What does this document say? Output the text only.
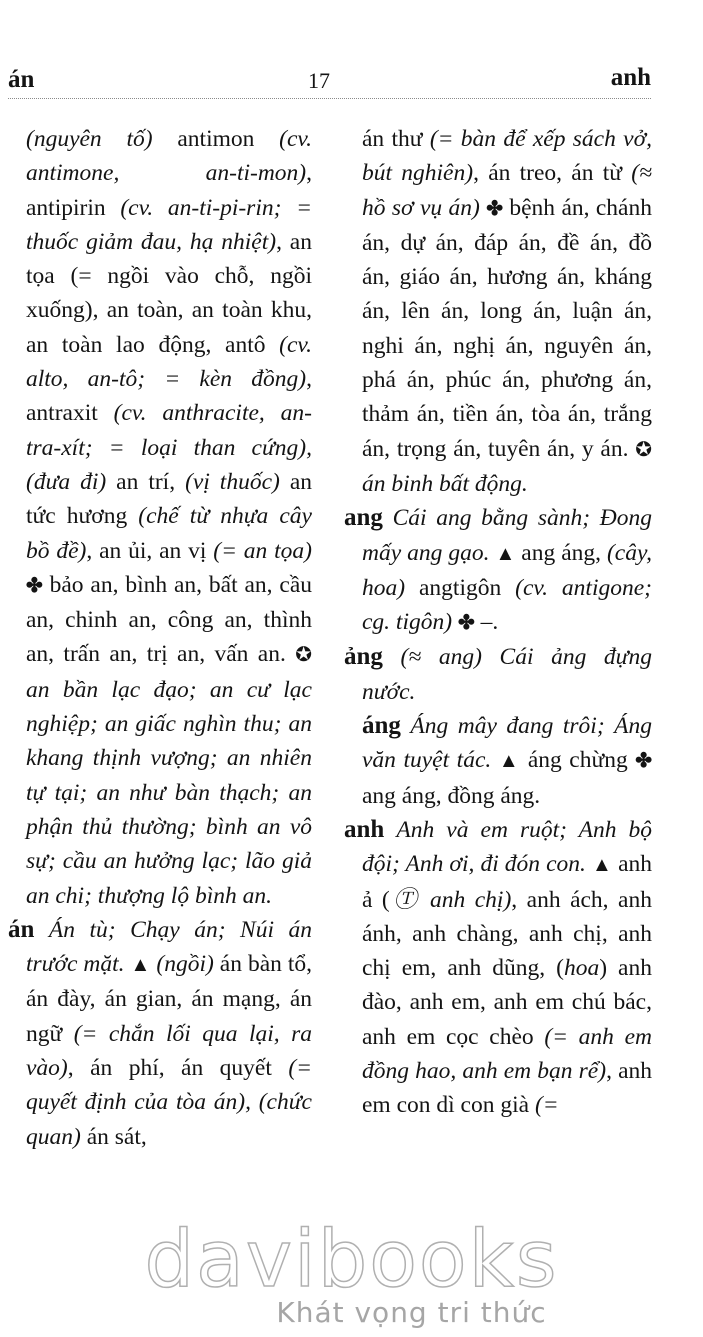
án	17	anh

(nguyên tố) antimon (cv. antimone, an-ti-mon), antipirin (cv. an-ti-pi-rin; = thuốc giảm đau, hạ nhiệt), an tọa (= ngồi vào chỗ, ngồi xuống), an toàn, an toàn khu, an toàn lao động, antô (cv. alto, an-tô; = kèn đồng), antraxit (cv. anthracite, an-tra-xít; = loại than cứng), (đưa đi) an trí, (vị thuốc) an tức hương (chế từ nhựa cây bồ đề), an ủi, an vị (= an tọa) ✤ bảo an, bình an, bất an, cầu an, chinh an, công an, thình an, trấn an, trị an, vấn an. ✪ an bần lạc đạo; an cư lạc nghiệp; an giấc nghìn thu; an khang thịnh vượng; an nhiên tự tại; an như bàn thạch; an phận thủ thường; bình an vô sự; cầu an hưởng lạc; lão giả an chi; thượng lộ bình an.

án Án tù; Chạy án; Núi án trước mặt. ▲ (ngồi) án bàn tổ, án đày, án gian, án mạng, án ngữ (= chắn lối qua lại, ra vào), án phí, án quyết (= quyết định của tòa án), (chức quan) án sát,

án thư (= bàn để xếp sách vở, bút nghiên), án treo, án từ (≈ hồ sơ vụ án) ✤ bệnh án, chánh án, dự án, đáp án, đề án, đồ án, giáo án, hương án, kháng án, lên án, long án, luận án, nghi án, nghị án, nguyên án, phá án, phúc án, phương án, thảm án, tiền án, tòa án, trắng án, trọng án, tuyên án, y án. ✪ án binh bất động.

ang Cái ang bằng sành; Đong mấy ang gạo. ▲ ang áng, (cây, hoa) angtigôn (cv. antigone; cg. tigôn) ✤ –.

ảng (≈ ang) Cái ảng đựng nước.

áng Áng mây đang trôi; Áng văn tuyệt tác. ▲ áng chừng ✤ ang áng, đồng áng.

anh Anh và em ruột; Anh bộ đội; Anh ơi, đi đón con. ▲ anh ả (Ⓣ anh chị), anh ách, anh ánh, anh chàng, anh chị, anh chị em, anh dũng, (hoa) anh đào, anh em, anh em chú bác, anh em cọc chèo (= anh em đồng hao, anh em bạn rể), anh em con dì con già (=

davibooks
Khát vọng tri thức
